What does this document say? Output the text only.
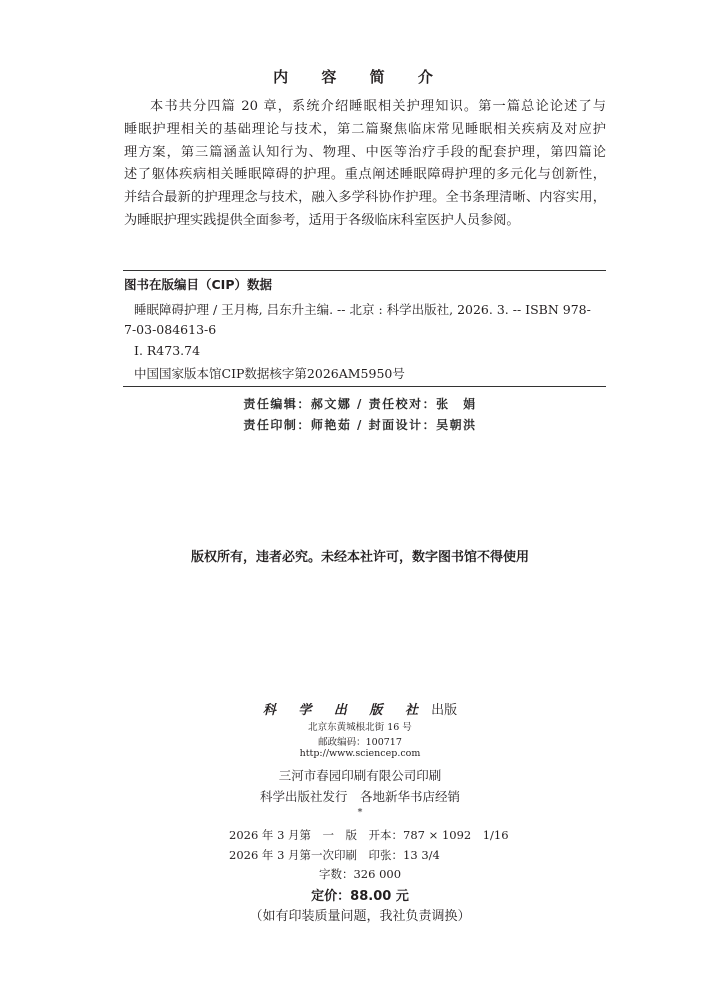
内 容 简 介
本书共分四篇 20 章，系统介绍睡眠相关护理知识。第一篇总论论述了与
睡眠护理相关的基础理论与技术，第二篇聚焦临床常见睡眠相关疾病及对应护
理方案，第三篇涵盖认知行为、物理、中医等治疗手段的配套护理，第四篇论
述了躯体疾病相关睡眠障碍的护理。重点阐述睡眠障碍护理的多元化与创新性，
并结合最新的护理理念与技术，融入多学科协作护理。全书条理清晰、内容实用，
为睡眠护理实践提供全面参考，适用于各级临床科室医护人员参阅。
图书在版编目（CIP）数据
睡眠障碍护理 / 王月梅, 吕东升主编. -- 北京 : 科学出版社, 2026. 3. -- ISBN 978-
7-03-084613-6
Ⅰ. R473.74
中国国家版本馆CIP数据核字第2026AM5950号
责任编辑：郝文娜 / 责任校对：张　娟
责任印制：师艳茹 / 封面设计：吴朝洪
版权所有，违者必究。未经本社许可，数字图书馆不得使用
科 学 出 版 社 出版
北京东黄城根北街 16 号
邮政编码：100717
http://www.sciencep.com
三河市春园印刷有限公司印刷
科学出版社发行　各地新华书店经销
*
2026 年 3 月第　一　版　开本：787 × 1092　1/16
2026 年 3 月第一次印刷　印张：13 3/4
字数：326 000
定价：88.00 元
（如有印装质量问题，我社负责调换）
